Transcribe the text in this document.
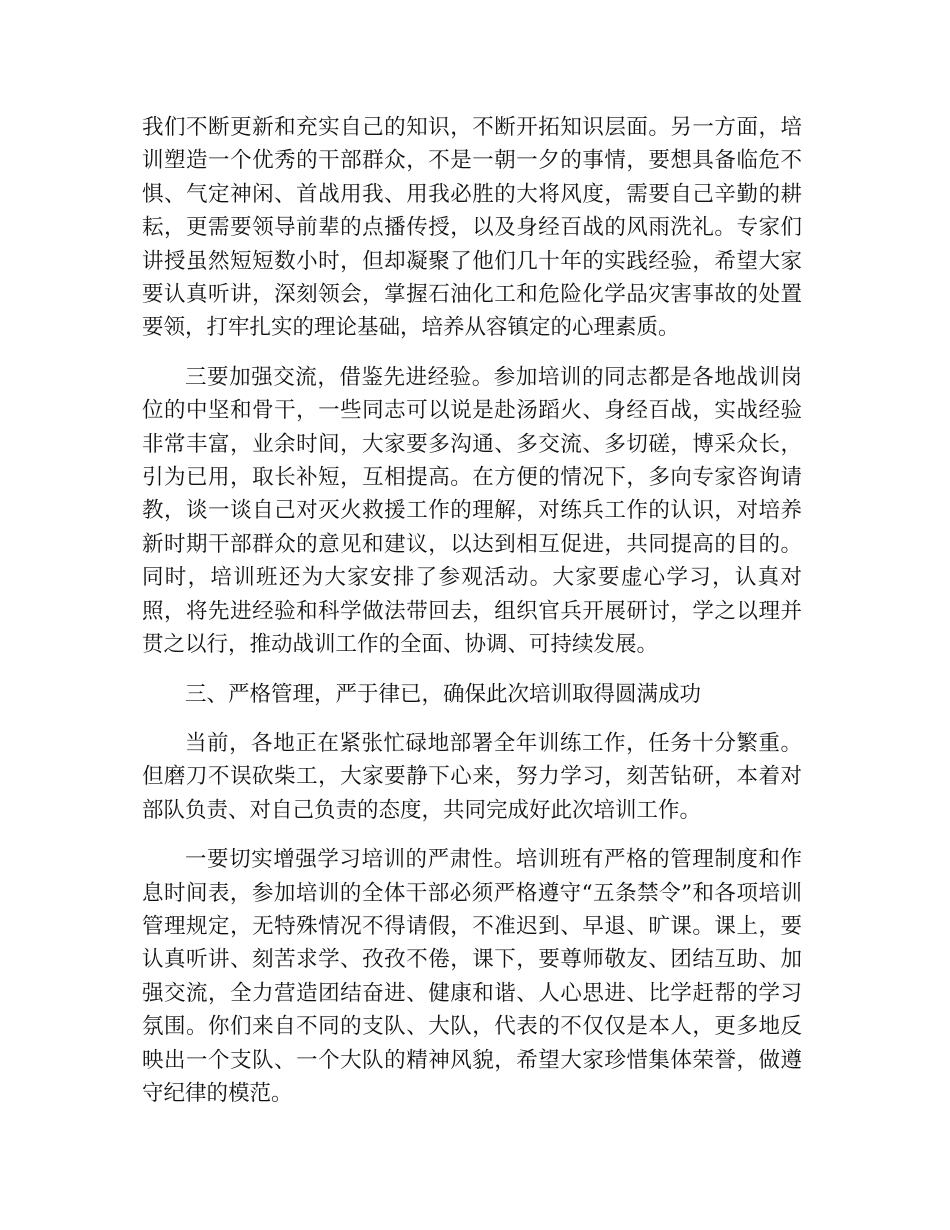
我们不断更新和充实自己的知识，不断开拓知识层面。另一方面，培训塑造一个优秀的干部群众，不是一朝一夕的事情，要想具备临危不惧、气定神闲、首战用我、用我必胜的大将风度，需要自己辛勤的耕耘，更需要领导前辈的点播传授，以及身经百战的风雨洗礼。专家们讲授虽然短短数小时，但却凝聚了他们几十年的实践经验，希望大家要认真听讲，深刻领会，掌握石油化工和危险化学品灾害事故的处置要领，打牢扎实的理论基础，培养从容镇定的心理素质。

三要加强交流，借鉴先进经验。参加培训的同志都是各地战训岗位的中坚和骨干，一些同志可以说是赴汤蹈火、身经百战，实战经验非常丰富，业余时间，大家要多沟通、多交流、多切磋，博采众长，引为已用，取长补短，互相提高。在方便的情况下，多向专家咨询请教，谈一谈自己对灭火救援工作的理解，对练兵工作的认识，对培养新时期干部群众的意见和建议，以达到相互促进，共同提高的目的。同时，培训班还为大家安排了参观活动。大家要虚心学习，认真对照，将先进经验和科学做法带回去，组织官兵开展研讨，学之以理并贯之以行，推动战训工作的全面、协调、可持续发展。

三、严格管理，严于律已，确保此次培训取得圆满成功

当前，各地正在紧张忙碌地部署全年训练工作，任务十分繁重。但磨刀不误砍柴工，大家要静下心来，努力学习，刻苦钻研，本着对部队负责、对自己负责的态度，共同完成好此次培训工作。

一要切实增强学习培训的严肃性。培训班有严格的管理制度和作息时间表，参加培训的全体干部必须严格遵守“五条禁令”和各项培训管理规定，无特殊情况不得请假，不准迟到、早退、旷课。课上，要认真听讲、刻苦求学、孜孜不倦，课下，要尊师敬友、团结互助、加强交流，全力营造团结奋进、健康和谐、人心思进、比学赶帮的学习氛围。你们来自不同的支队、大队，代表的不仅仅是本人，更多地反映出一个支队、一个大队的精神风貌，希望大家珍惜集体荣誉，做遵守纪律的模范。
